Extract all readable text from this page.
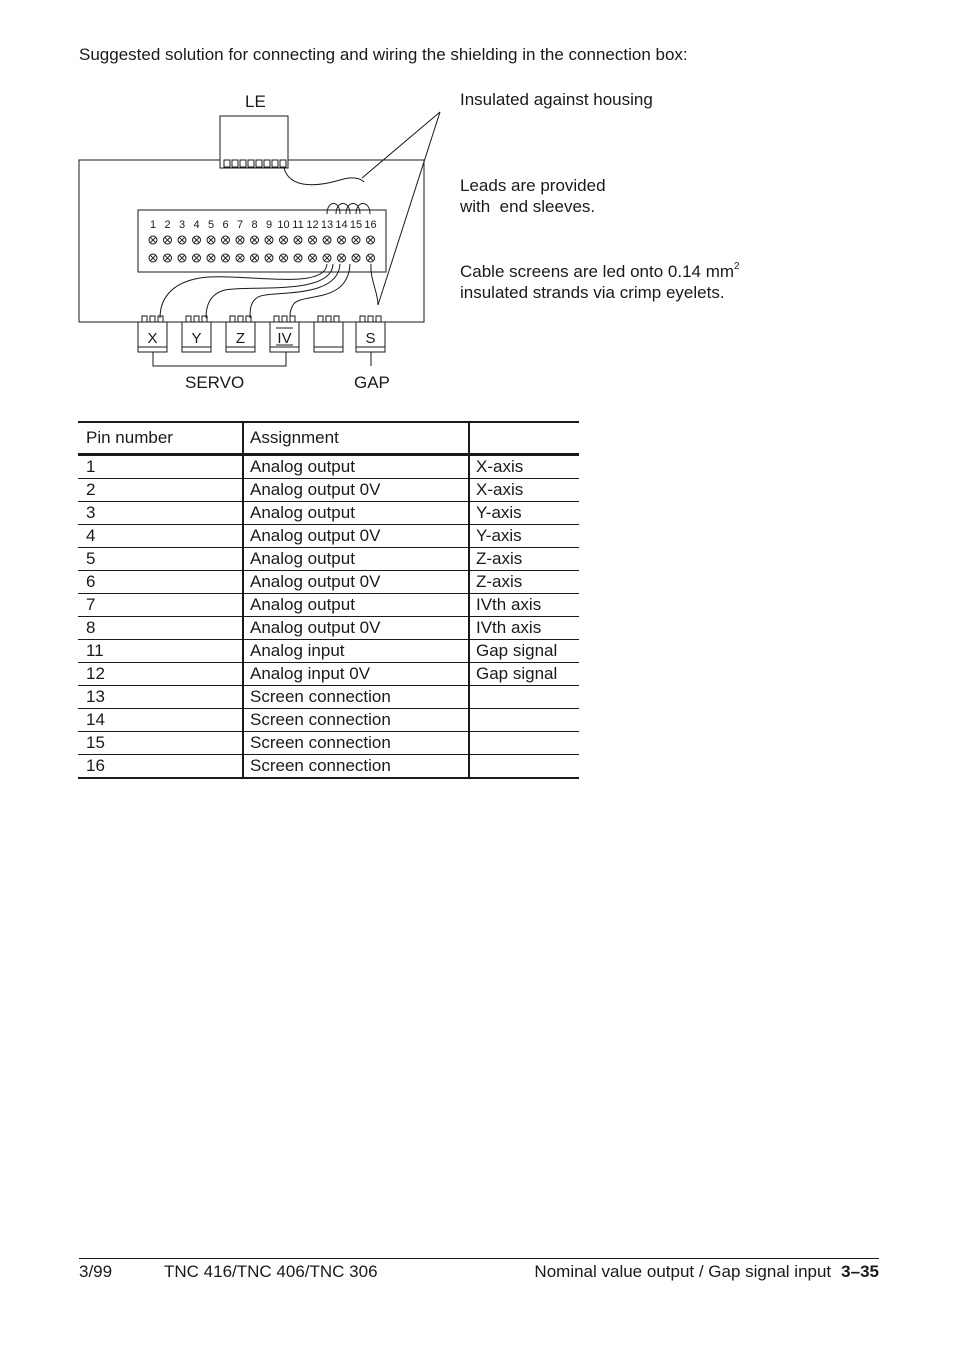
Suggested solution for connecting and wiring the shielding in the connection box:
X Y Z IV	S
1 2 3 4 5 6 7 8 9 10 11 12 13 14 15 16
LE
SERVO	GAP
Insulated against housing
Leads are provided
with  end sleeves.
Cable screens are led onto 0.14 $mm^2$
insulated strands via crimp eyelets.
Pin number	Assignment	
1	Analog output	X-axis
2	Analog output 0V	X-axis
3	Analog output	Y-axis
4	Analog output 0V	Y-axis
5	Analog output	Z-axis
6	Analog output 0V	Z-axis
7	Analog output	IVth axis
8	Analog output 0V	IVth axis
11	Analog input	Gap signal
12	Analog input 0V	Gap signal
13	Screen connection	
14	Screen connection	
15	Screen connection	
16	Screen connection	
3/99	TNC 416/TNC 406/TNC 306	Nominal value output / Gap signal input 3–35
